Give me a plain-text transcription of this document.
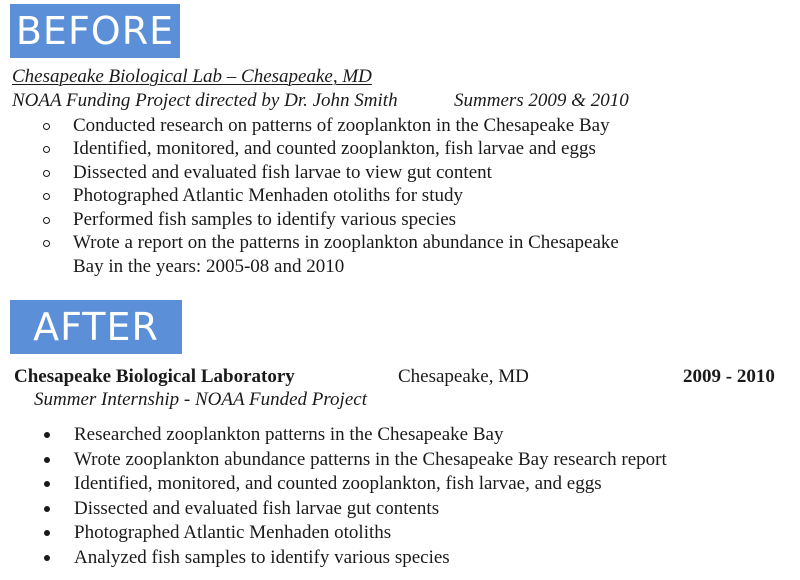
BEFORE
Chesapeake Biological Lab – Chesapeake, MD
NOAA Funding Project directed by Dr. John Smith	Summers 2009 & 2010
Conducted research on patterns of zooplankton in the Chesapeake Bay
Identified, monitored, and counted zooplankton, fish larvae and eggs
Dissected and evaluated fish larvae to view gut content
Photographed Atlantic Menhaden otoliths for study
Performed fish samples to identify various species
Wrote a report on the patterns in zooplankton abundance in Chesapeake
Bay in the years: 2005-08 and 2010
AFTER
Chesapeake Biological Laboratory	Chesapeake, MD	2009 - 2010
Summer Internship - NOAA Funded Project
Researched zooplankton patterns in the Chesapeake Bay
Wrote zooplankton abundance patterns in the Chesapeake Bay research report
Identified, monitored, and counted zooplankton, fish larvae, and eggs
Dissected and evaluated fish larvae gut contents
Photographed Atlantic Menhaden otoliths
Analyzed fish samples to identify various species
